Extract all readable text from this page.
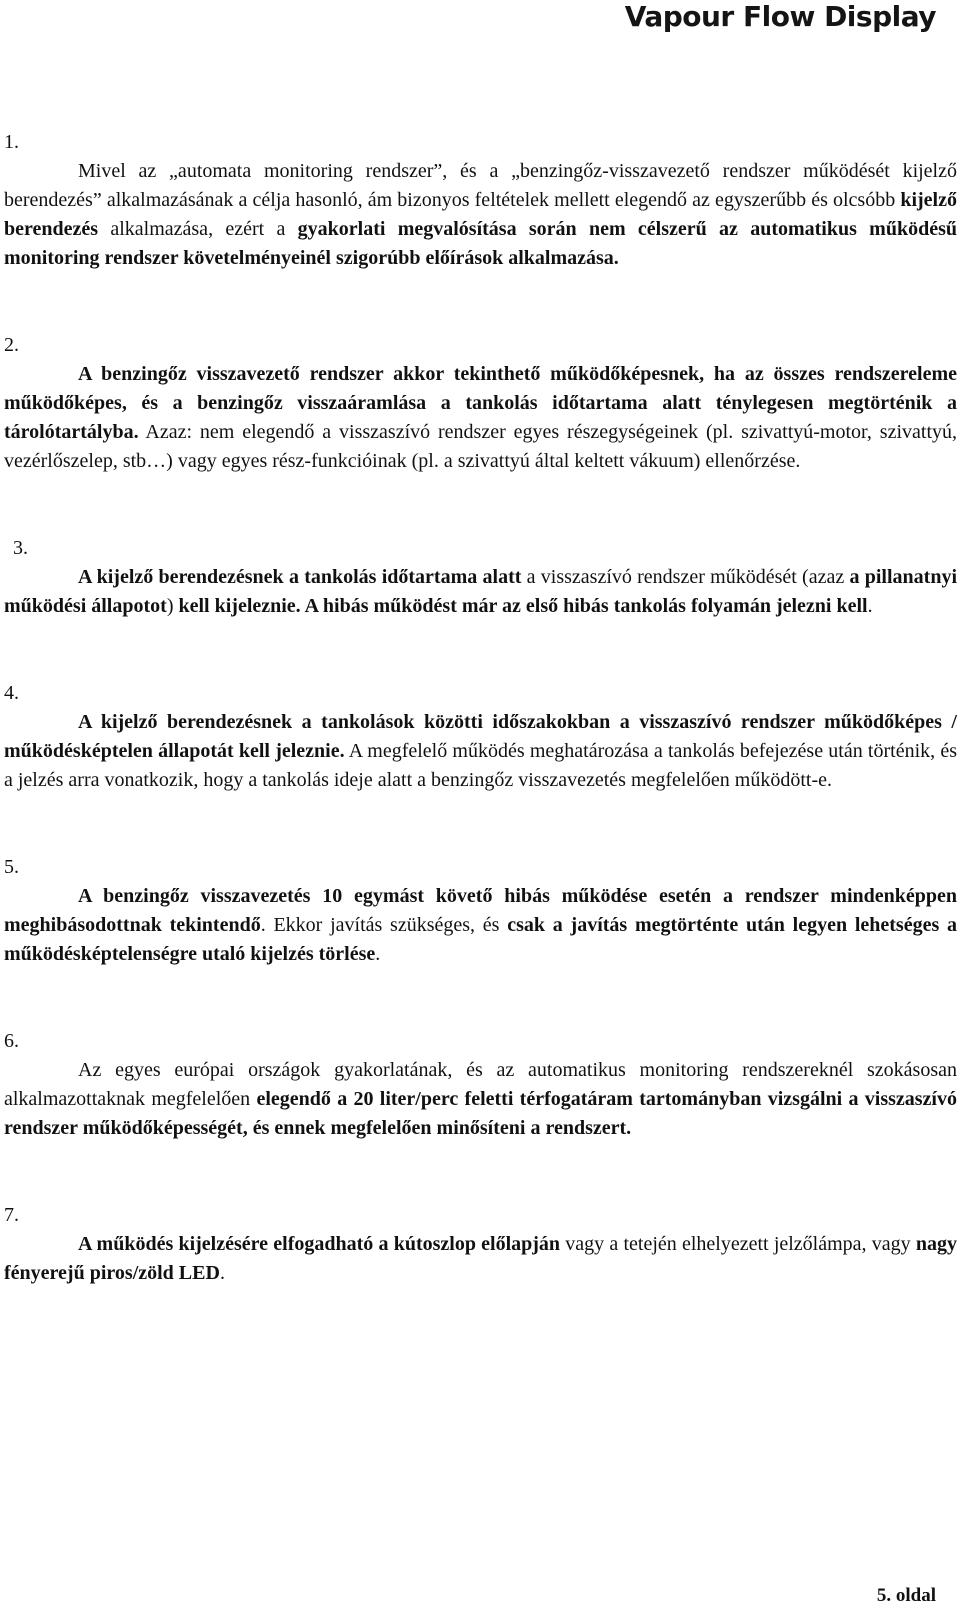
Vapour Flow Display

1.

Mivel az „automata monitoring rendszer”, és a „benzingőz-visszavezető rendszer működését kijelző berendezés” alkalmazásának a célja hasonló, ám bizonyos feltételek mellett elegendő az egyszerűbb és olcsóbb kijelző berendezés alkalmazása, ezért a gyakorlati megvalósítása során nem célszerű az automatikus működésű monitoring rendszer követelményeinél szigorúbb előírások alkalmazása.

2.

A benzingőz visszavezető rendszer akkor tekinthető működőképesnek, ha az összes rendszereleme működőképes, és a benzingőz visszaáramlása a tankolás időtartama alatt ténylegesen megtörténik a tárolótartályba. Azaz: nem elegendő a visszaszívó rendszer egyes részegységeinek (pl. szivattyú-motor, szivattyú, vezérlőszelep, stb…) vagy egyes rész-funkcióinak (pl. a szivattyú által keltett vákuum) ellenőrzése.

3.

A kijelző berendezésnek a tankolás időtartama alatt a visszaszívó rendszer működését (azaz a pillanatnyi működési állapotot) kell kijeleznie. A hibás működést már az első hibás tankolás folyamán jelezni kell.

4.

A kijelző berendezésnek a tankolások közötti időszakokban a visszaszívó rendszer működőképes / működésképtelen állapotát kell jeleznie. A megfelelő működés meghatározása a tankolás befejezése után történik, és a jelzés arra vonatkozik, hogy a tankolás ideje alatt a benzingőz visszavezetés megfelelően működött-e.

5.

A benzingőz visszavezetés 10 egymást követő hibás működése esetén a rendszer mindenképpen meghibásodottnak tekintendő. Ekkor javítás szükséges, és csak a javítás megtörténte után legyen lehetséges a működésképtelenségre utaló kijelzés törlése.

6.

Az egyes európai országok gyakorlatának, és az automatikus monitoring rendszereknél szokásosan alkalmazottaknak megfelelően elegendő a 20 liter/perc feletti térfogatáram tartományban vizsgálni a visszaszívó rendszer működőképességét, és ennek megfelelően minősíteni a rendszert.

7.

A működés kijelzésére elfogadható a kútoszlop előlapján vagy a tetején elhelyezett jelzőlámpa, vagy nagy fényerejű piros/zöld LED.

5. oldal
